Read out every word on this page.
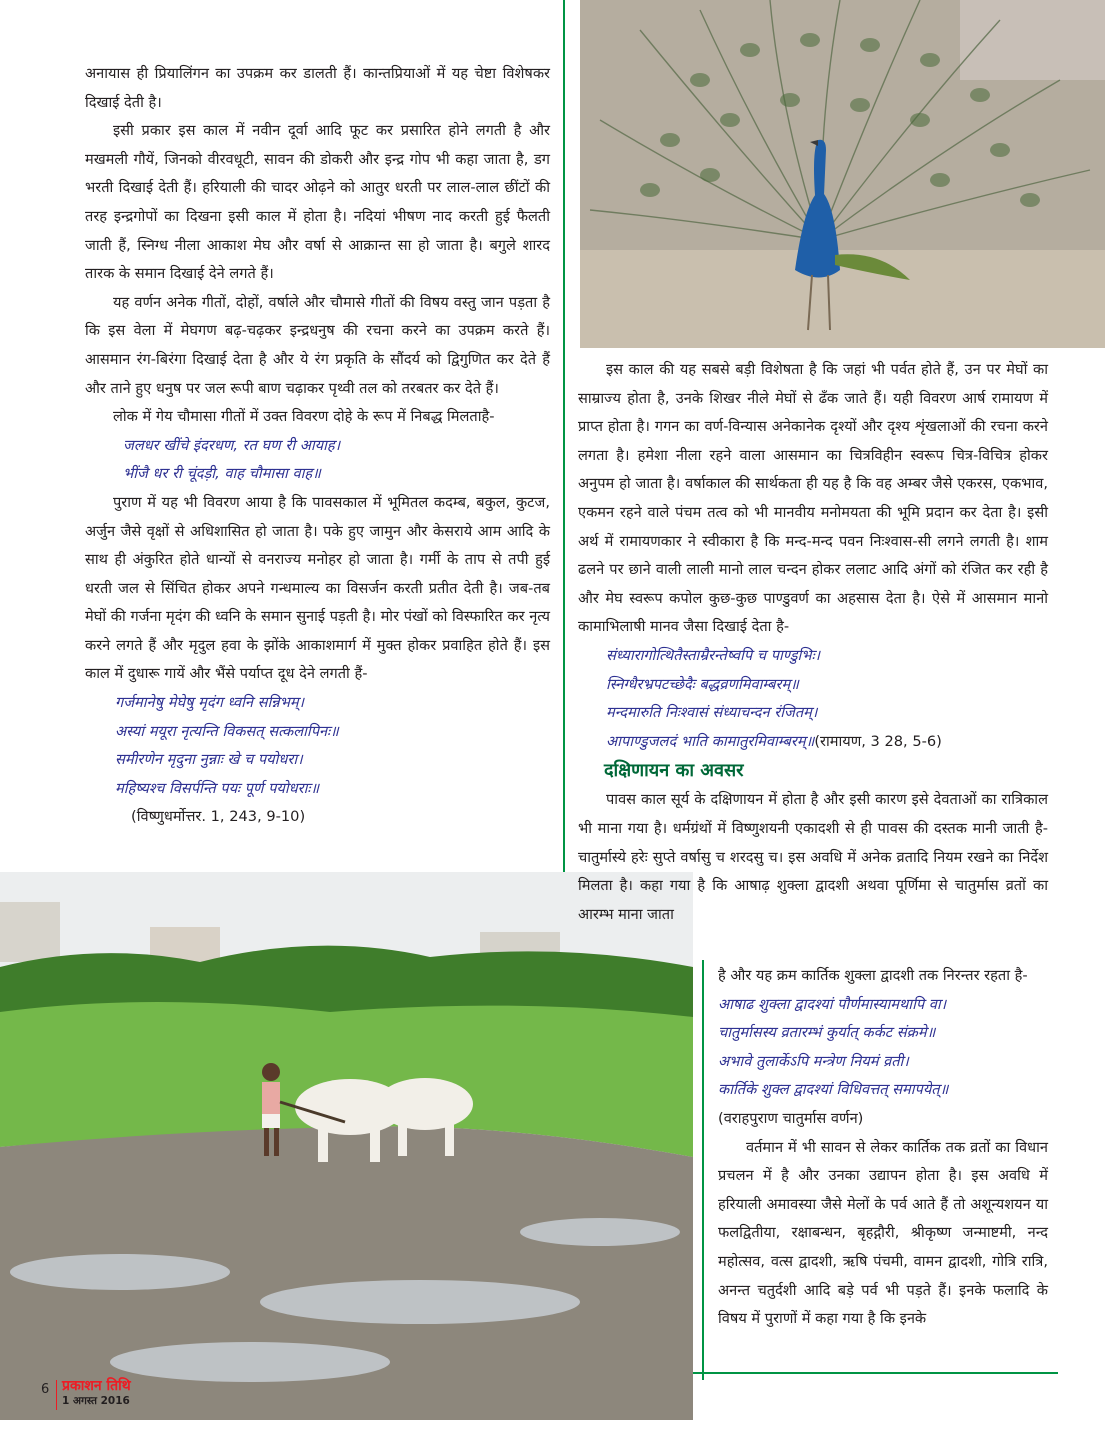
अनायास ही प्रियालिंगन का उपक्रम कर डालती हैं। कान्तप्रियाओं में यह चेष्टा विशेषकर दिखाई देती है।

इसी प्रकार इस काल में नवीन दूर्वा आदि फूट कर प्रसारित होने लगती है और मखमली गौयें, जिनको वीरवधूटी, सावन की डोकरी और इन्द्र गोप भी कहा जाता है, डग भरती दिखाई देती हैं। हरियाली की चादर ओढ़ने को आतुर धरती पर लाल-लाल छींटों की तरह इन्द्रगोपों का दिखना इसी काल में होता है। नदियां भीषण नाद करती हुई फैलती जाती हैं, स्निग्ध नीला आकाश मेघ और वर्षा से आक्रान्त सा हो जाता है। बगुले शारद तारक के समान दिखाई देने लगते हैं।

यह वर्णन अनेक गीतों, दोहों, वर्षाले और चौमासे गीतों की विषय वस्तु जान पड़ता है कि इस वेला में मेघगण बढ़-चढ़कर इन्द्रधनुष की रचना करने का उपक्रम करते हैं। आसमान रंग-बिरंगा दिखाई देता है और ये रंग प्रकृति के सौंदर्य को द्विगुणित कर देते हैं और ताने हुए धनुष पर जल रूपी बाण चढ़ाकर पृथ्वी तल को तरबतर कर देते हैं।

लोक में गेय चौमासा गीतों में उक्त विवरण दोहे के रूप में निबद्ध मिलताहै-

जलधर खींचे इंदरधण, रत घण री आयाह।

भींजै धर री चूंदड़ी, वाह चौमासा वाह॥

पुराण में यह भी विवरण आया है कि पावसकाल में भूमितल कदम्ब, बकुल, कुटज, अर्जुन जैसे वृक्षों से अधिशासित हो जाता है। पके हुए जामुन और केसराये आम आदि के साथ ही अंकुरित होते धान्यों से वनराज्य मनोहर हो जाता है। गर्मी के ताप से तपी हुई धरती जल से सिंचित होकर अपने गन्धमाल्य का विसर्जन करती प्रतीत देती है। जब-तब मेघों की गर्जना मृदंग की ध्वनि के समान सुनाई पड़ती है। मोर पंखों को विस्फारित कर नृत्य करने लगते हैं और मृदुल हवा के झोंके आकाशमार्ग में मुक्त होकर प्रवाहित होते हैं। इस काल में दुधारू गायें और भैंसे पर्याप्त दूध देने लगती हैं-

गर्जमानेषु मेघेषु मृदंग ध्वनि सन्निभम्।

अस्यां मयूरा नृत्यन्ति विकसत् सत्कलापिनः॥

समीरणेन मृदुना नुन्नाः खे च पयोधरा।

महिष्यश्च विसर्पन्ति पयः पूर्ण पयोधराः॥

(विष्णुधर्मोत्तर. 1, 243, 9-10)

इस काल की यह सबसे बड़ी विशेषता है कि जहां भी पर्वत होते हैं, उन पर मेघों का साम्राज्य होता है, उनके शिखर नीले मेघों से ढँक जाते हैं। यही विवरण आर्ष रामायण में प्राप्त होता है। गगन का वर्ण-विन्यास अनेकानेक दृश्यों और दृश्य शृंखलाओं की रचना करने लगता है। हमेशा नीला रहने वाला आसमान का चित्रविहीन स्वरूप चित्र-विचित्र होकर अनुपम हो जाता है। वर्षाकाल की सार्थकता ही यह है कि वह अम्बर जैसे एकरस, एकभाव, एकमन रहने वाले पंचम तत्व को भी मानवीय मनोमयता की भूमि प्रदान कर देता है। इसी अर्थ में रामायणकार ने स्वीकारा है कि मन्द-मन्द पवन निःश्वास-सी लगने लगती है। शाम ढलने पर छाने वाली लाली मानो लाल चन्दन होकर ललाट आदि अंगों को रंजित कर रही है और मेघ स्वरूप कपोल कुछ-कुछ पाण्डुवर्ण का अहसास देता है। ऐसे में आसमान मानो कामाभिलाषी मानव जैसा दिखाई देता है-

संध्यारागोत्थितैस्ताम्रैरन्तेष्वपि च पाण्डुभिः।

स्निग्धैरभ्रपटच्छेदैः बद्धव्रणमिवाम्बरम्॥

मन्दमारुति निःश्वासं संध्याचन्दन रंजितम्।

आपाण्डुजलदं भाति कामातुरमिवाम्बरम्॥(रामायण, 3 28, 5-6)

दक्षिणायन का अवसर

पावस काल सूर्य के दक्षिणायन में होता है और इसी कारण इसे देवताओं का रात्रिकाल भी माना गया है। धर्मग्रंथों में विष्णुशयनी एकादशी से ही पावस की दस्तक मानी जाती है- चातुर्मास्ये हरेः सुप्ते वर्षासु च शरदसु च। इस अवधि में अनेक व्रतादि नियम रखने का निर्देश मिलता है। कहा गया है कि आषाढ़ शुक्ला द्वादशी अथवा पूर्णिमा से चातुर्मास व्रतों का आरम्भ माना जाता

है और यह क्रम कार्तिक शुक्ला द्वादशी तक निरन्तर रहता है-

आषाढ शुक्ला द्वादश्यां पौर्णमास्यामथापि वा।

चातुर्मासस्य व्रतारम्भं कुर्यात् कर्कट संक्रमे॥

अभावे तुलार्केऽपि मन्त्रेण नियमं व्रती।

कार्तिके शुक्ल द्वादश्यां विधिवत्तत् समापयेत्॥

(वराहपुराण चातुर्मास वर्णन)

वर्तमान में भी सावन से लेकर कार्तिक तक व्रतों का विधान प्रचलन में है और उनका उद्यापन होता है। इस अवधि में हरियाली अमावस्या जैसे मेलों के पर्व आते हैं तो अशून्यशयन या फलद्वितीया, रक्षाबन्धन, बृहद्गौरी, श्रीकृष्ण जन्माष्टमी, नन्द महोत्सव, वत्स द्वादशी, ऋषि पंचमी, वामन द्वादशी, गोत्रि रात्रि, अनन्त चतुर्दशी आदि बड़े पर्व भी पड़ते हैं। इनके फलादि के विषय में पुराणों में कहा गया है कि इनके

6 प्रकाशन तिथि
1 अगस्त 2016
